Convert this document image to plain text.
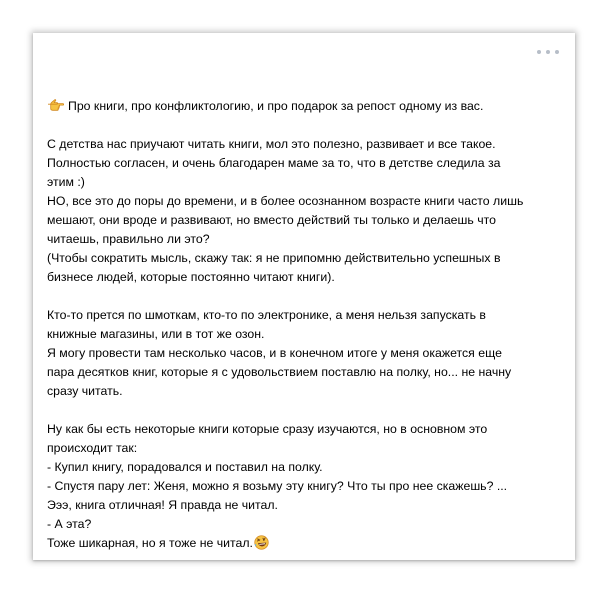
Про книги, про конфликтологию, и про подарок за репост одному из вас.
С детства нас приучают читать книги, мол это полезно, развивает и все такое.
Полностью согласен, и очень благодарен маме за то, что в детстве следила за
этим :)
НО, все это до поры до времени, и в более осознанном возрасте книги часто лишь
мешают, они вроде и развивают, но вместо действий ты только и делаешь что
читаешь, правильно ли это?
(Чтобы сократить мысль, скажу так: я не припомню действительно успешных в
бизнесе людей, которые постоянно читают книги).
Кто-то прется по шмоткам, кто-то по электронике, а меня нельзя запускать в
книжные магазины, или в тот же озон.
Я могу провести там несколько часов, и в конечном итоге у меня окажется еще
пара десятков книг, которые я с удовольствием поставлю на полку, но... не начну
сразу читать.
Ну как бы есть некоторые книги которые сразу изучаются, но в основном это
происходит так:
- Купил книгу, порадовался и поставил на полку.
- Спустя пару лет: Женя, можно я возьму эту книгу? Что ты про нее скажешь? ...
Эээ, книга отличная! Я правда не читал.
- А эта?
Тоже шикарная, но я тоже не читал.
